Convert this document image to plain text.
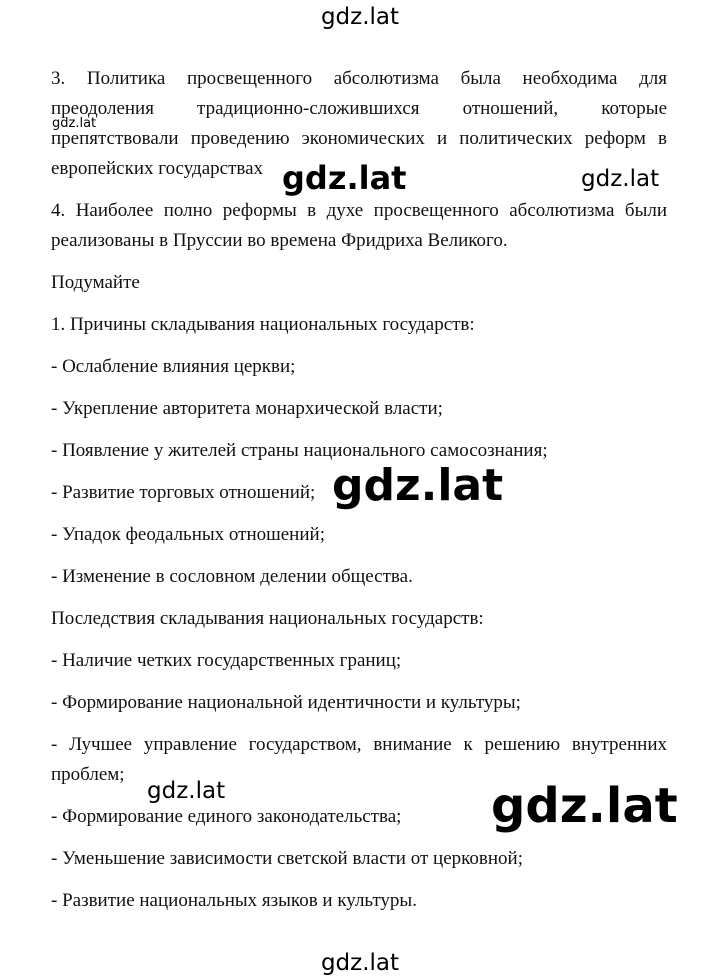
3. Политика просвещенного абсолютизма была необходима для преодоления традиционно-сложившихся отношений, которые препятствовали проведению экономических и политических реформ в европейских государствах

4. Наиболее полно реформы в духе просвещенного абсолютизма были реализованы в Пруссии во времена Фридриха Великого.

Подумайте

1. Причины складывания национальных государств:

- Ослабление влияния церкви;

- Укрепление авторитета монархической власти;

- Появление у жителей страны национального самосознания;

- Развитие торговых отношений;

- Упадок феодальных отношений;

- Изменение в сословном делении общества.

Последствия складывания национальных государств:

- Наличие четких государственных границ;

- Формирование национальной идентичности и культуры;

- Лучшее управление государством, внимание к решению внутренних проблем;

- Формирование единого законодательства;

- Уменьшение зависимости светской власти от церковной;

- Развитие национальных языков и культуры.

gdz.lat
gdz.lat
gdz.lat	gdz.lat
gdz.lat
gdz.lat	gdz.lat
gdz.lat
